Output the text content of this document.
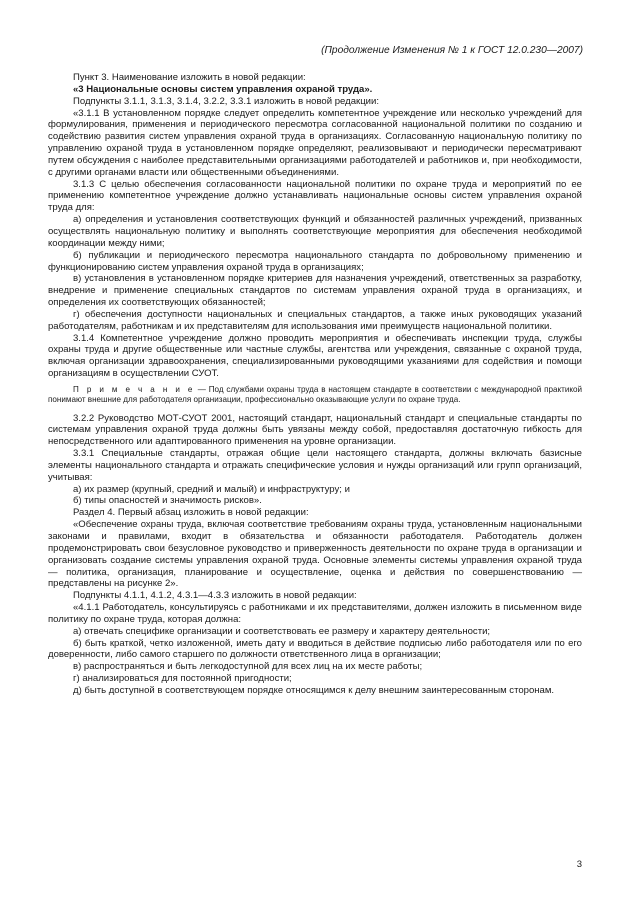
(Продолжение Изменения № 1 к ГОСТ 12.0.230—2007)

Пункт 3. Наименование изложить в новой редакции:

«3 Национальные основы систем управления охраной труда».

Подпункты 3.1.1, 3.1.3, 3.1.4, 3.2.2, 3.3.1 изложить в новой редакции:

«3.1.1 В установленном порядке следует определить компетентное учреждение или несколько учреждений для формулирования, применения и периодического пересмотра согласованной национальной политики по созданию и содействию развития систем управления охраной труда в организациях. Согласованную национальную политику по управлению охраной труда в установленном порядке определяют, реализовывают и периодически пересматривают путем обсуждения с наиболее представительными организациями работодателей и работников и, при необходимости, с другими органами власти или общественными объединениями.

3.1.3 С целью обеспечения согласованности национальной политики по охране труда и мероприятий по ее применению компетентное учреждение должно устанавливать национальные основы систем управления охраной труда для:

а) определения и установления соответствующих функций и обязанностей различных учреждений, призванных осуществлять национальную политику и выполнять соответствующие мероприятия для обеспечения необходимой координации между ними;

б) публикации и периодического пересмотра национального стандарта по добровольному применению и функционированию систем управления охраной труда в организациях;

в) установления в установленном порядке критериев для назначения учреждений, ответственных за разработку, внедрение и применение специальных стандартов по системам управления охраной труда в организациях, и определения их соответствующих обязанностей;

г) обеспечения доступности национальных и специальных стандартов, а также иных руководящих указаний работодателям, работникам и их представителям для использования ими преимуществ национальной политики.

3.1.4 Компетентное учреждение должно проводить мероприятия и обеспечивать инспекции труда, службы охраны труда и другие общественные или частные службы, агентства или учреждения, связанные с охраной труда, включая организации здравоохранения, специализированными руководящими указаниями для содействия и помощи организациям в осуществлении СУОТ.

П р и м е ч а н и е — Под службами охраны труда в настоящем стандарте в соответствии с международной практикой понимают внешние для работодателя организации, профессионально оказывающие услуги по охране труда.

3.2.2 Руководство МОТ-СУОТ 2001, настоящий стандарт, национальный стандарт и специальные стандарты по системам управления охраной труда должны быть увязаны между собой, предоставляя достаточную гибкость для непосредственного или адаптированного применения на уровне организации.

3.3.1 Специальные стандарты, отражая общие цели настоящего стандарта, должны включать базисные элементы национального стандарта и отражать специфические условия и нужды организаций или групп организаций, учитывая:

а) их размер (крупный, средний и малый) и инфраструктуру; и

б) типы опасностей и значимость рисков».

Раздел 4. Первый абзац изложить в новой редакции:

«Обеспечение охраны труда, включая соответствие требованиям охраны труда, установленным национальными законами и правилами, входит в обязательства и обязанности работодателя. Работодатель должен продемонстрировать свои безусловное руководство и приверженность деятельности по охране труда в организации и организовать создание системы управления охраной труда. Основные элементы системы управления охраной труда — политика, организация, планирование и осуществление, оценка и действия по совершенствованию — представлены на рисунке 2».

Подпункты 4.1.1, 4.1.2, 4.3.1—4.3.3 изложить в новой редакции:

«4.1.1 Работодатель, консультируясь с работниками и их представителями, должен изложить в письменном виде политику по охране труда, которая должна:

а) отвечать специфике организации и соответствовать ее размеру и характеру деятельности;

б) быть краткой, четко изложенной, иметь дату и вводиться в действие подписью либо работодателя или по его доверенности, либо самого старшего по должности ответственного лица в организации;

в) распространяться и быть легкодоступной для всех лиц на их месте работы;

г) анализироваться для постоянной пригодности;

д) быть доступной в соответствующем порядке относящимся к делу внешним заинтересованным сторонам.

3
